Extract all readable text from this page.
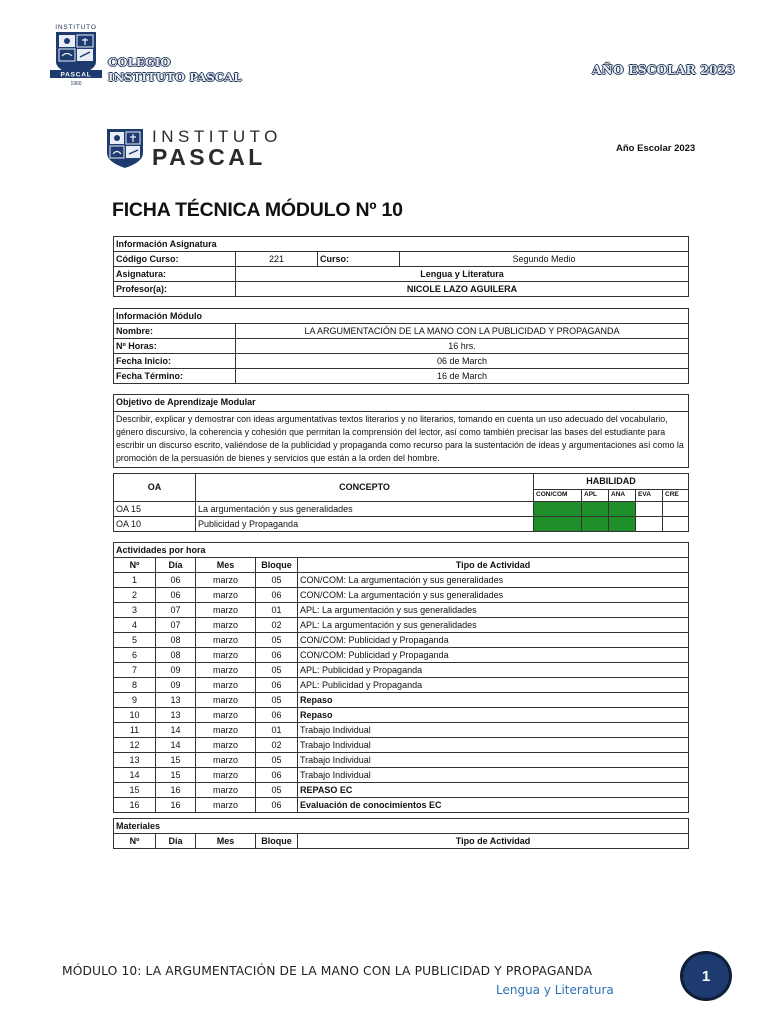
INSTITUTO
PASCAL
1960
COLEGIO
INSTITUTO PASCAL	AÑO ESCOLAR 2023
INSTITUTO
PASCAL	Año Escolar 2023
FICHA TÉCNICA MÓDULO Nº 10
Información Asignatura			
Código Curso:	221	Curso:	Segundo Medio
Asignatura:	Lengua y Literatura		
Profesor(a):	NICOLE LAZO AGUILERA		
Información Módulo	
Nombre:	LA ARGUMENTACIÓN DE LA MANO CON LA PUBLICIDAD Y PROPAGANDA
Nº Horas:	16 hrs.
Fecha Inicio:	06 de March
Fecha Término:	16 de March
Objetivo de Aprendizaje Modular
Describir, explicar y demostrar con ideas argumentativas textos literarios y no literarios, tomando en cuenta un uso adecuado del vocabulario, género discursivo, la coherencia y cohesión que permitan la comprensión del lector, así como también precisar las bases del estudiante para escribir un discurso escrito, valiéndose de la publicidad y propaganda como recurso para la sustentación de ideas y argumentaciones así como la promoción de la persuasión de bienes y servicios que están a la orden del hombre.
OA	CONCEPTO	HABILIDAD				
		CON/COM	APL	ANA	EVA	CRE
OA 15	La argumentación y sus generalidades					
OA 10	Publicidad y Propaganda					
Actividades por hora				
Nº	Día	Mes	Bloque	Tipo de Actividad
1	06	marzo	05	CON/COM: La argumentación y sus generalidades
2	06	marzo	06	CON/COM: La argumentación y sus generalidades
3	07	marzo	01	APL: La argumentación y sus generalidades
4	07	marzo	02	APL: La argumentación y sus generalidades
5	08	marzo	05	CON/COM: Publicidad y Propaganda
6	08	marzo	06	CON/COM: Publicidad y Propaganda
7	09	marzo	05	APL: Publicidad y Propaganda
8	09	marzo	06	APL: Publicidad y Propaganda
9	13	marzo	05	Repaso
10	13	marzo	06	Repaso
11	14	marzo	01	Trabajo Individual
12	14	marzo	02	Trabajo Individual
13	15	marzo	05	Trabajo Individual
14	15	marzo	06	Trabajo Individual
15	16	marzo	05	REPASO EC
16	16	marzo	06	Evaluación de conocimientos EC
Materiales
Nº	Día	Mes	Bloque	Tipo de Actividad
MÓDULO 10: LA ARGUMENTACIÓN DE LA MANO CON LA PUBLICIDAD Y PROPAGANDA
Lengua y Literatura
1
